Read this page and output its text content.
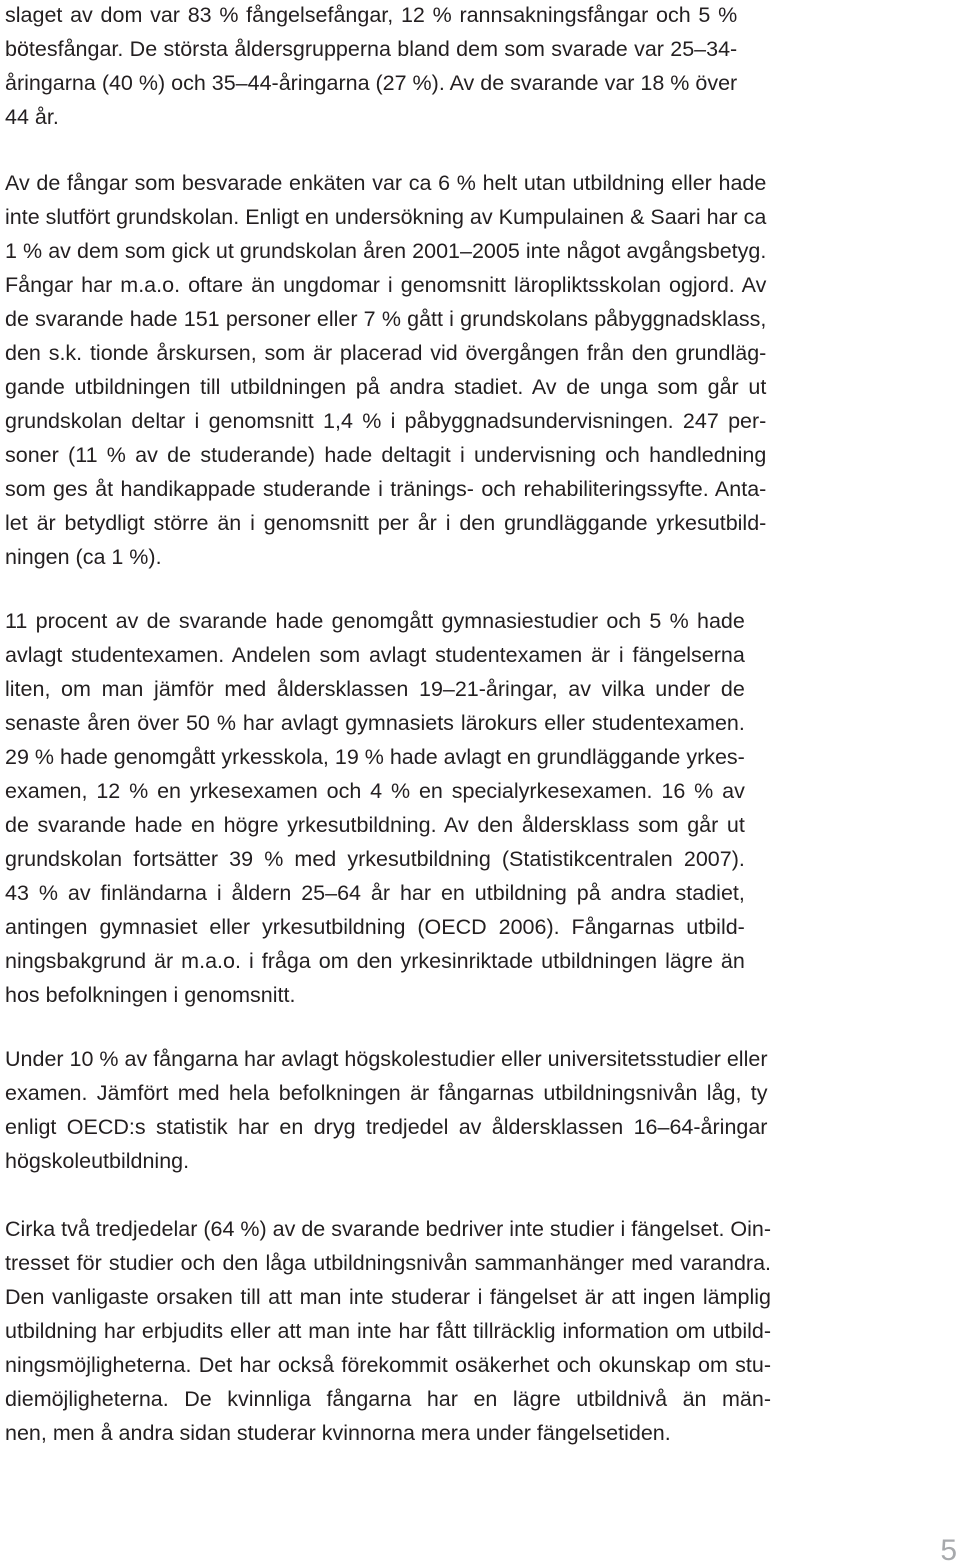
slaget av dom var 83 % fångelsefångar, 12 % rannsakningsfångar och 5 %
bötesfångar. De största åldersgrupperna bland dem som svarade var 25–34-
åringarna (40 %) och 35–44-åringarna (27 %). Av de svarande var 18 % över
44 år.

Av de fångar som besvarade enkäten var ca 6 % helt utan utbildning eller hade
inte slutfört grundskolan. Enligt en undersökning av Kumpulainen & Saari har ca
1 % av dem som gick ut grundskolan åren 2001–2005 inte något avgångsbetyg.
Fångar har m.a.o. oftare än ungdomar i genomsnitt läropliktsskolan ogjord. Av
de svarande hade 151 personer eller 7 % gått i grundskolans påbyggnadsklass,
den s.k. tionde årskursen, som är placerad vid övergången från den grundläg-
gande utbildningen till utbildningen på andra stadiet. Av de unga som går ut
grundskolan deltar i genomsnitt 1,4 % i påbyggnadsundervisningen. 247 per-
soner (11 % av de studerande) hade deltagit i undervisning och handledning
som ges åt handikappade studerande i tränings- och rehabiliteringssyfte. Anta-
let är betydligt större än i genomsnitt per år i den grundläggande yrkesutbild-
ningen (ca 1 %).

11 procent av de svarande hade genomgått gymnasiestudier och 5 % hade
avlagt studentexamen. Andelen som avlagt studentexamen är i fängelserna
liten, om man jämför med åldersklassen 19–21-åringar, av vilka under de
senaste åren över 50 % har avlagt gymnasiets lärokurs eller studentexamen.
29 % hade genomgått yrkesskola, 19 % hade avlagt en grundläggande yrkes-
examen, 12 % en yrkesexamen och 4 % en specialyrkesexamen. 16 % av
de svarande hade en högre yrkesutbildning. Av den åldersklass som går ut
grundskolan fortsätter 39 % med yrkesutbildning (Statistikcentralen 2007).
43 % av finländarna i åldern 25–64 år har en utbildning på andra stadiet,
antingen gymnasiet eller yrkesutbildning (OECD 2006). Fångarnas utbild-
ningsbakgrund är m.a.o. i fråga om den yrkesinriktade utbildningen lägre än
hos befolkningen i genomsnitt.

Under 10 % av fångarna har avlagt högskolestudier eller universitetsstudier eller
examen. Jämfört med hela befolkningen är fångarnas utbildningsnivån låg, ty
enligt OECD:s statistik har en dryg tredjedel av åldersklassen 16–64-åringar
högskoleutbildning.

Cirka två tredjedelar (64 %) av de svarande bedriver inte studier i fängelset. Oin-
tresset för studier och den låga utbildningsnivån sammanhänger med varandra.
Den vanligaste orsaken till att man inte studerar i fängelset är att ingen lämplig
utbildning har erbjudits eller att man inte har fått tillräcklig information om utbild-
ningsmöjligheterna. Det har också förekommit osäkerhet och okunskap om stu-
diemöjligheterna. De kvinnliga fångarna har en lägre utbildnivå än män-
nen, men å andra sidan studerar kvinnorna mera under fängelsetiden.

5
